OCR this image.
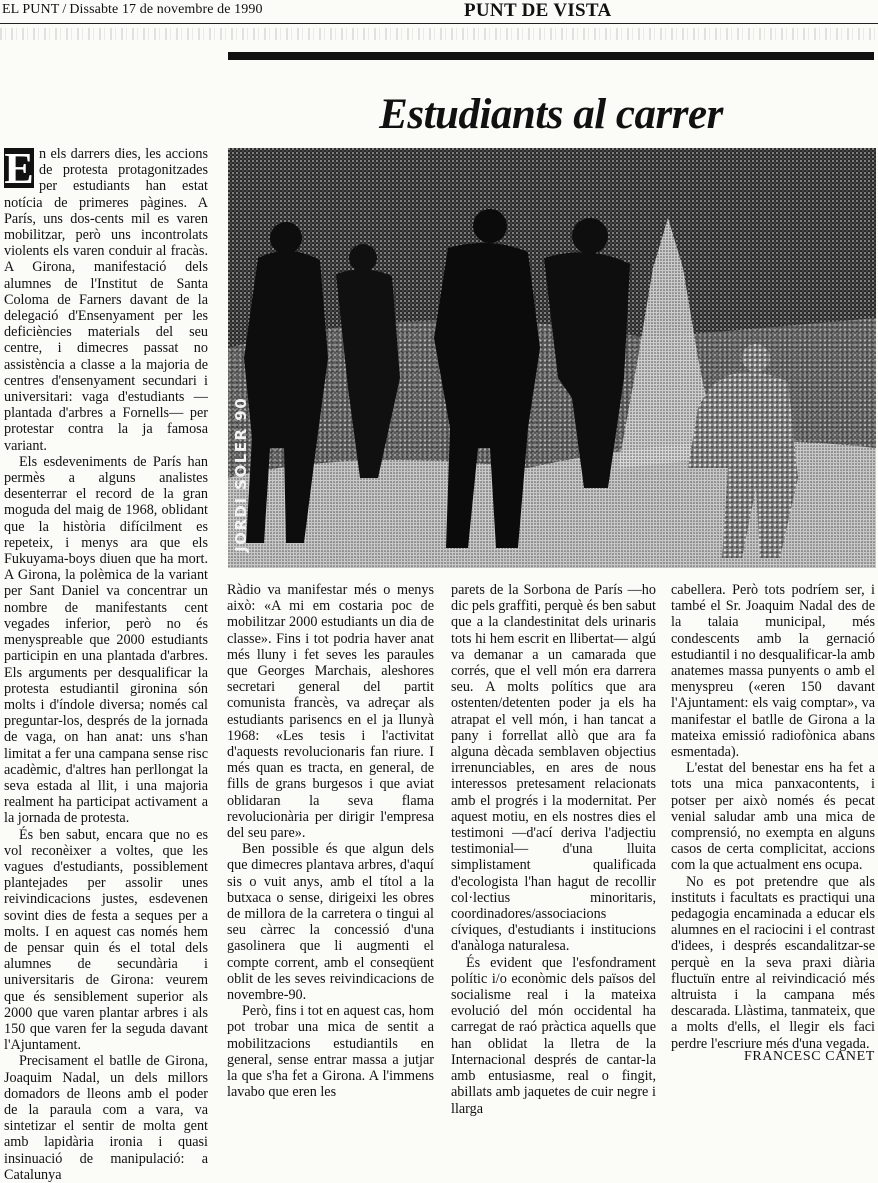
EL PUNT / Dissabte 17 de novembre de 1990	PUNT DE VISTA
Estudiants al carrer
JORDI SOLER 90

E n els darrers dies, les accions de protesta protagonitzades per estudiants han estat notícia de primeres pàgines. A París, uns dos-cents mil es varen mobilitzar, però uns incontrolats violents els varen conduir al fracàs. A Girona, manifestació dels alumnes de l'Institut de Santa Coloma de Farners davant de la delegació d'Ensenyament per les deficiències materials del seu centre, i dimecres passat no assistència a classe a la majoria de centres d'ensenyament secundari i universitari: vaga d'estudiants —plantada d'arbres a Fornells— per protestar contra la ja famosa variant.

Els esdeveniments de París han permès a alguns analistes desenterrar el record de la gran moguda del maig de 1968, oblidant que la història difícilment es repeteix, i menys ara que els Fukuyama-boys diuen que ha mort. A Girona, la polèmica de la variant per Sant Daniel va concentrar un nombre de manifestants cent vegades inferior, però no és menyspreable que 2000 estudiants participin en una plantada d'arbres. Els arguments per desqualificar la protesta estudiantil gironina són molts i d'índole diversa; només cal preguntar-los, després de la jornada de vaga, on han anat: uns s'han limitat a fer una campana sense risc acadèmic, d'altres han perllongat la seva estada al llit, i una majoria realment ha participat activament a la jornada de protesta.

És ben sabut, encara que no es vol reconèixer a voltes, que les vagues d'estudiants, possiblement plantejades per assolir unes reivindicacions justes, esdevenen sovint dies de festa a seques per a molts. I en aquest cas només hem de pensar quin és el total dels alumnes de secundària i universitaris de Girona: veurem que és sensiblement superior als 2000 que varen plantar arbres i als 150 que varen fer la seguda davant l'Ajuntament.

Precisament el batlle de Girona, Joaquim Nadal, un dels millors domadors de lleons amb el poder de la paraula com a vara, va sintetizar el sentir de molta gent amb lapidària ironia i quasi insinuació de manipulació: a Catalunya

Ràdio va manifestar més o menys això: «A mi em costaria poc de mobilitzar 2000 estudiants un dia de classe». Fins i tot podria haver anat més lluny i fet seves les paraules que Georges Marchais, aleshores secretari general del partit comunista francès, va adreçar als estudiants parisencs en el ja llunyà 1968: «Les tesis i l'activitat d'aquests revolucionaris fan riure. I més quan es tracta, en general, de fills de grans burgesos i que aviat oblidaran la seva flama revolucionària per dirigir l'empresa del seu pare».

Ben possible és que algun dels que dimecres plantava arbres, d'aquí sis o vuit anys, amb el títol a la butxaca o sense, dirigeixi les obres de millora de la carretera o tingui al seu càrrec la concessió d'una gasolinera que li augmenti el compte corrent, amb el conseqüent oblit de les seves reivindicacions de novembre-90.

Però, fins i tot en aquest cas, hom pot trobar una mica de sentit a mobilitzacions estudiantils en general, sense entrar massa a jutjar la que s'ha fet a Girona. A l'immens lavabo que eren les

parets de la Sorbona de París —ho dic pels graffiti, perquè és ben sabut que a la clandestinitat dels urinaris tots hi hem escrit en llibertat— algú va demanar a un camarada que corrés, que el vell món era darrera seu. A molts polítics que ara ostenten/detenten poder ja els ha atrapat el vell món, i han tancat a pany i forrellat allò que ara fa alguna dècada semblaven objectius irrenunciables, en ares de nous interessos pretesament relacionats amb el progrés i la modernitat. Per aquest motiu, en els nostres dies el testimoni —d'ací deriva l'adjectiu testimonial— d'una lluita simplistament qualificada d'ecologista l'han hagut de recollir col·lectius minoritaris, coordinadores/associacions cíviques, d'estudiants i institucions d'anàloga naturalesa.

És evident que l'esfondrament polític i/o econòmic dels països del socialisme real i la mateixa evolució del món occidental ha carregat de raó pràctica aquells que han oblidat la lletra de la Internacional després de cantar-la amb entusiasme, real o fingit, abillats amb jaquetes de cuir negre i llarga

cabellera. Però tots podríem ser, i també el Sr. Joaquim Nadal des de la talaia municipal, més condescents amb la gernació estudiantil i no desqualificar-la amb anatemes massa punyents o amb el menyspreu («eren 150 davant l'Ajuntament: els vaig comptar», va manifestar el batlle de Girona a la mateixa emissió radiofònica abans esmentada).

L'estat del benestar ens ha fet a tots una mica panxacontents, i potser per això només és pecat venial saludar amb una mica de comprensió, no exempta en alguns casos de certa complicitat, accions com la que actualment ens ocupa.

No es pot pretendre que als instituts i facultats es practiqui una pedagogia encaminada a educar els alumnes en el raciocini i el contrast d'idees, i després escandalitzar-se perquè en la seva praxi diària fluctuïn entre al reivindicació més altruista i la campana més descarada. Llàstima, tanmateix, que a molts d'ells, el llegir els faci perdre l'escriure més d'una vegada.

FRANCESC CANET
